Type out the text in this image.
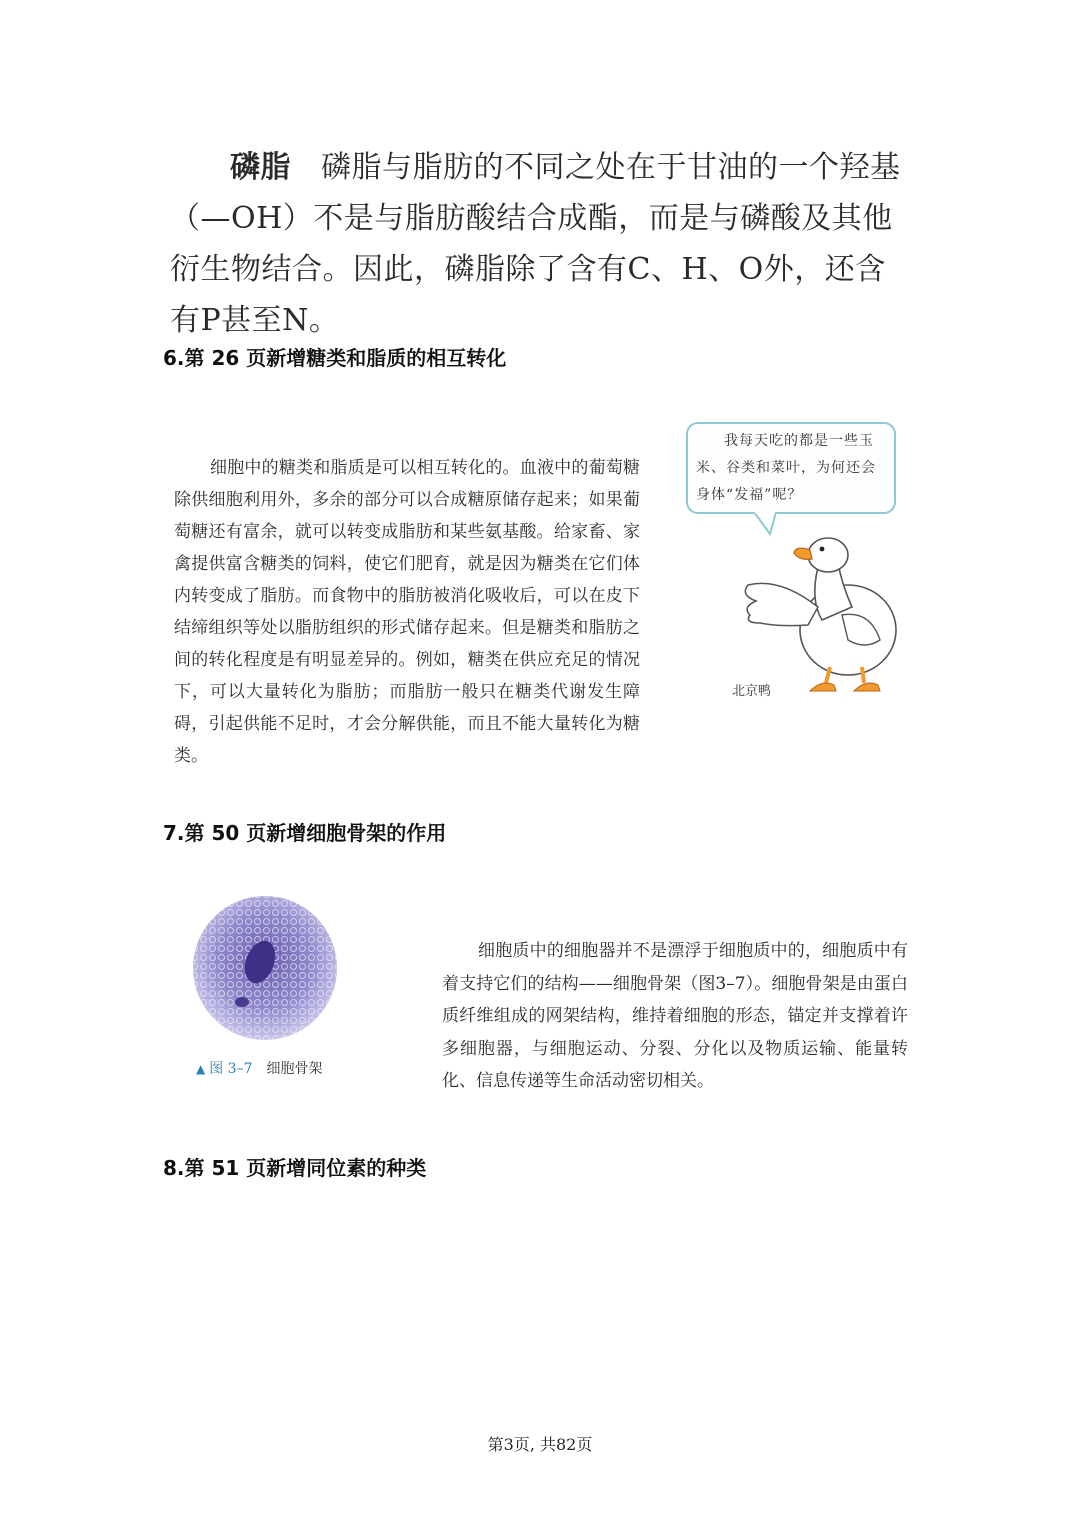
磷脂 磷脂与脂肪的不同之处在于甘油的一个羟基（—OH）不是与脂肪酸结合成酯，而是与磷酸及其他衍生物结合。因此，磷脂除了含有C、H、O外，还含有P甚至N。
6.第 26 页新增糖类和脂质的相互转化
细胞中的糖类和脂质是可以相互转化的。血液中的葡萄糖除供细胞利用外，多余的部分可以合成糖原储存起来；如果葡萄糖还有富余，就可以转变成脂肪和某些氨基酸。给家畜、家禽提供富含糖类的饲料，使它们肥育，就是因为糖类在它们体内转变成了脂肪。而食物中的脂肪被消化吸收后，可以在皮下结缔组织等处以脂肪组织的形式储存起来。但是糖类和脂肪之间的转化程度是有明显差异的。例如，糖类在供应充足的情况下，可以大量转化为脂肪；而脂肪一般只在糖类代谢发生障碍，引起供能不足时，才会分解供能，而且不能大量转化为糖类。
我每天吃的都是一些玉米、谷类和菜叶，为何还会身体“发福”呢？
北京鸭
7.第 50 页新增细胞骨架的作用
▲ 图 3–7 细胞骨架
细胞质中的细胞器并不是漂浮于细胞质中的，细胞质中有着支持它们的结构——细胞骨架（图3–7）。细胞骨架是由蛋白质纤维组成的网架结构，维持着细胞的形态，锚定并支撑着许多细胞器，与细胞运动、分裂、分化以及物质运输、能量转化、信息传递等生命活动密切相关。
8.第 51 页新增同位素的种类
第3页, 共82页
